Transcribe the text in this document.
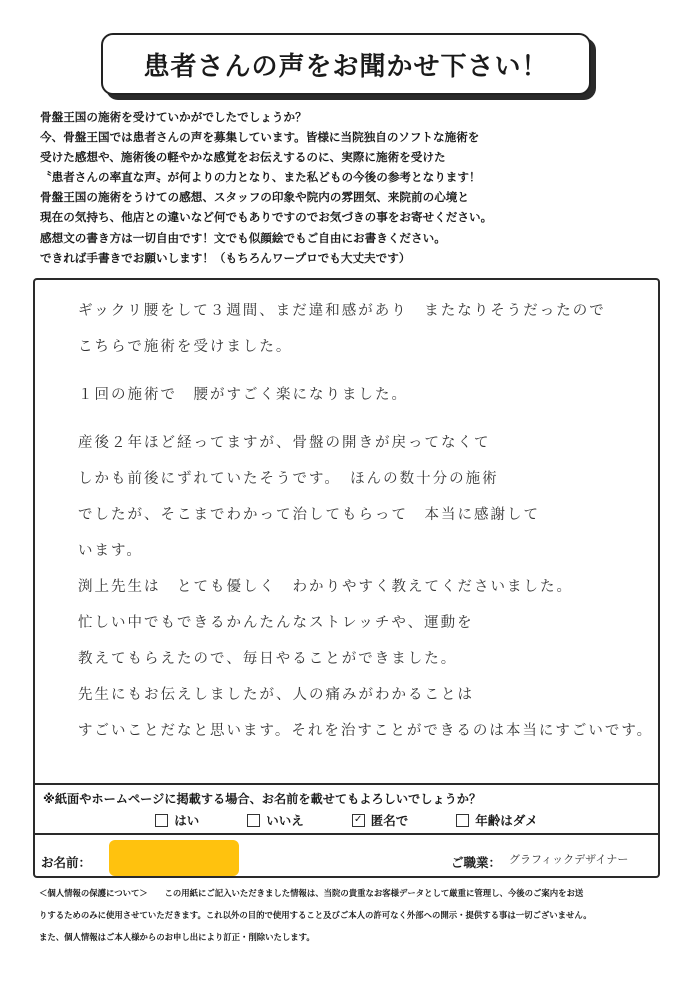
患者さんの声をお聞かせ下さい！
骨盤王国の施術を受けていかがでしたでしょうか？
今、骨盤王国では患者さんの声を募集しています。皆様に当院独自のソフトな施術を
受けた感想や、施術後の軽やかな感覚をお伝えするのに、実際に施術を受けた
〝患者さんの率直な声〟が何よりの力となり、また私どもの今後の参考となります！
骨盤王国の施術をうけての感想、スタッフの印象や院内の雰囲気、来院前の心境と
現在の気持ち、他店との違いなど何でもありですのでお気づきの事をお寄せください。
感想文の書き方は一切自由です！文でも似顔絵でもご自由にお書きください。
できれば手書きでお願いします！（もちろんワープロでも大丈夫です）
ギックリ腰をして３週間、まだ違和感があり　またなりそうだったので
こちらで施術を受けました。
１回の施術で　腰がすごく楽になりました。
産後２年ほど経ってますが、骨盤の開きが戻ってなくて
しかも前後にずれていたそうです。　ほんの数十分の施術
でしたが、そこまでわかって治してもらって　本当に感謝して
います。
渕上先生は　とても優しく　わかりやすく教えてくださいました。
忙しい中でもできるかんたんなストレッチや、運動を
教えてもらえたので、毎日やることができました。
先生にもお伝えしましたが、人の痛みがわかることは
すごいことだなと思います。それを治すことができるのは本当にすごいです。
※紙面やホームページに掲載する場合、お名前を載せてもよろしいでしょうか？
はい	いいえ	✓ 匿名で	年齢はダメ
お名前：	ご職業： グラフィックデザイナー
＜個人情報の保護について＞　　この用紙にご記入いただきました情報は、当院の貴重なお客様データとして厳重に管理し、今後のご案内をお送
りするためのみに使用させていただきます。これ以外の目的で使用すること及びご本人の許可なく外部への開示・提供する事は一切ございません。
また、個人情報はご本人様からのお申し出により訂正・削除いたします。
